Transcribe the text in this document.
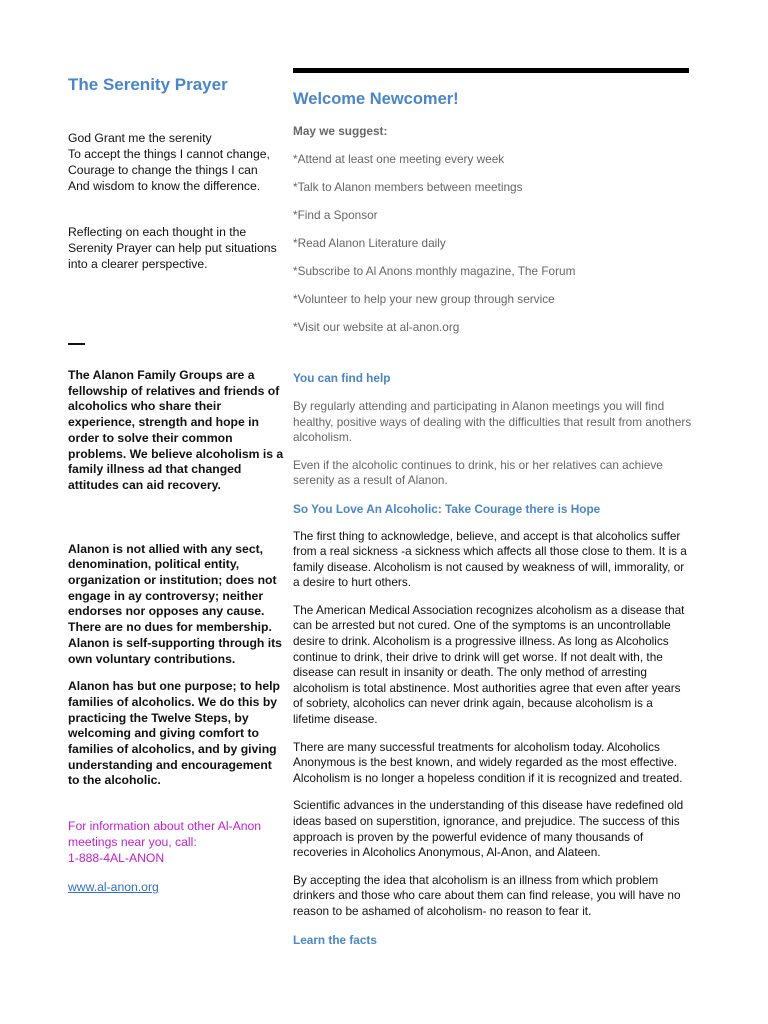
The Serenity Prayer
God Grant me the serenity
To accept the things I cannot change,
Courage to change the things I can
And wisdom to know the difference.

Reflecting on each thought in the Serenity Prayer can help put situations into a clearer perspective.

The Alanon Family Groups are a fellowship of relatives and friends of alcoholics who share their experience, strength and hope in order to solve their common problems. We believe alcoholism is a family illness ad that changed attitudes can aid recovery.

Alanon is not allied with any sect, denomination, political entity, organization or institution; does not engage in ay controversy; neither endorses nor opposes any cause. There are no dues for membership. Alanon is self-supporting through its own voluntary contributions.

Alanon has but one purpose; to help families of alcoholics. We do this by practicing the Twelve Steps, by welcoming and giving comfort to families of alcoholics, and by giving understanding and encouragement to the alcoholic.

For information about other Al-Anon meetings near you, call:
1-888-4AL-ANON
www.al-anon.org
Welcome Newcomer!
May we suggest:
*Attend at least one meeting every week
*Talk to Alanon members between meetings
*Find a Sponsor
*Read Alanon Literature daily
*Subscribe to Al Anons monthly magazine, The Forum
*Volunteer to help your new group through service
*Visit our website at al-anon.org
You can find help

By regularly attending and participating in Alanon meetings you will find healthy, positive ways of dealing with the difficulties that result from anothers alcoholism.

Even if the alcoholic continues to drink, his or her relatives can achieve serenity as a result of Alanon.

So You Love An Alcoholic: Take Courage there is Hope

The first thing to acknowledge, believe, and accept is that alcoholics suffer from a real sickness -a sickness which affects all those close to them. It is a family disease. Alcoholism is not caused by weakness of will, immorality, or a desire to hurt others.

The American Medical Association recognizes alcoholism as a disease that can be arrested but not cured. One of the symptoms is an uncontrollable desire to drink. Alcoholism is a progressive illness. As long as Alcoholics continue to drink, their drive to drink will get worse. If not dealt with, the disease can result in insanity or death. The only method of arresting alcoholism is total abstinence. Most authorities agree that even after years of sobriety, alcoholics can never drink again, because alcoholism is a lifetime disease.

There are many successful treatments for alcoholism today. Alcoholics Anonymous is the best known, and widely regarded as the most effective. Alcoholism is no longer a hopeless condition if it is recognized and treated.

Scientific advances in the understanding of this disease have redefined old ideas based on superstition, ignorance, and prejudice. The success of this approach is proven by the powerful evidence of many thousands of recoveries in Alcoholics Anonymous, Al-Anon, and Alateen.

By accepting the idea that alcoholism is an illness from which problem drinkers and those who care about them can find release, you will have no reason to be ashamed of alcoholism- no reason to fear it.

Learn the facts
